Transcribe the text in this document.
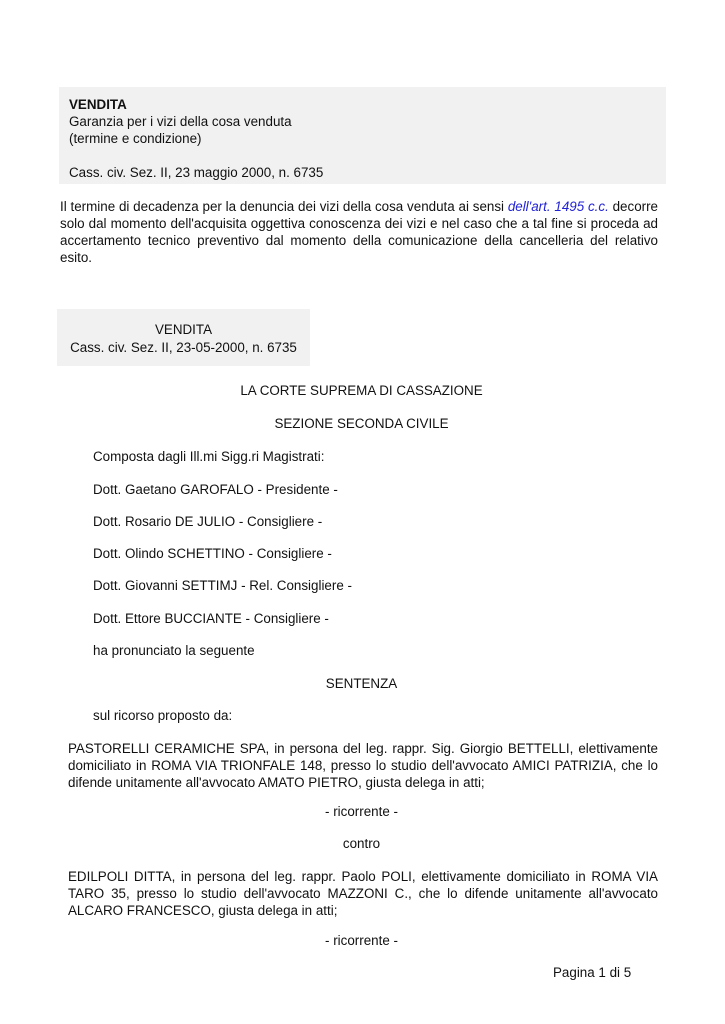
VENDITA
Garanzia per i vizi della cosa venduta
(termine e condizione)
Cass. civ. Sez. II, 23 maggio 2000, n. 6735
Il termine di decadenza per la denuncia dei vizi della cosa venduta ai sensi dell'art. 1495 c.c. decorre solo dal momento dell'acquisita oggettiva conoscenza dei vizi e nel caso che a tal fine si proceda ad accertamento tecnico preventivo dal momento della comunicazione della cancelleria del relativo esito.
VENDITA
Cass. civ. Sez. II, 23-05-2000, n. 6735
LA CORTE SUPREMA DI CASSAZIONE
SEZIONE SECONDA CIVILE
Composta dagli Ill.mi Sigg.ri Magistrati:
Dott. Gaetano GAROFALO - Presidente -
Dott. Rosario DE JULIO - Consigliere -
Dott. Olindo SCHETTINO - Consigliere -
Dott. Giovanni SETTIMJ - Rel. Consigliere -
Dott. Ettore BUCCIANTE - Consigliere -
ha pronunciato la seguente
SENTENZA
sul ricorso proposto da:
PASTORELLI CERAMICHE SPA, in persona del leg. rappr. Sig. Giorgio BETTELLI, elettivamente domiciliato in ROMA VIA TRIONFALE 148, presso lo studio dell'avvocato AMICI PATRIZIA, che lo difende unitamente all'avvocato AMATO PIETRO, giusta delega in atti;
- ricorrente -
contro
EDILPOLI DITTA, in persona del leg. rappr. Paolo POLI, elettivamente domiciliato in ROMA VIA TARO 35, presso lo studio dell'avvocato MAZZONI C., che lo difende unitamente all'avvocato ALCARO FRANCESCO, giusta delega in atti;
- ricorrente -
Pagina 1 di 5
